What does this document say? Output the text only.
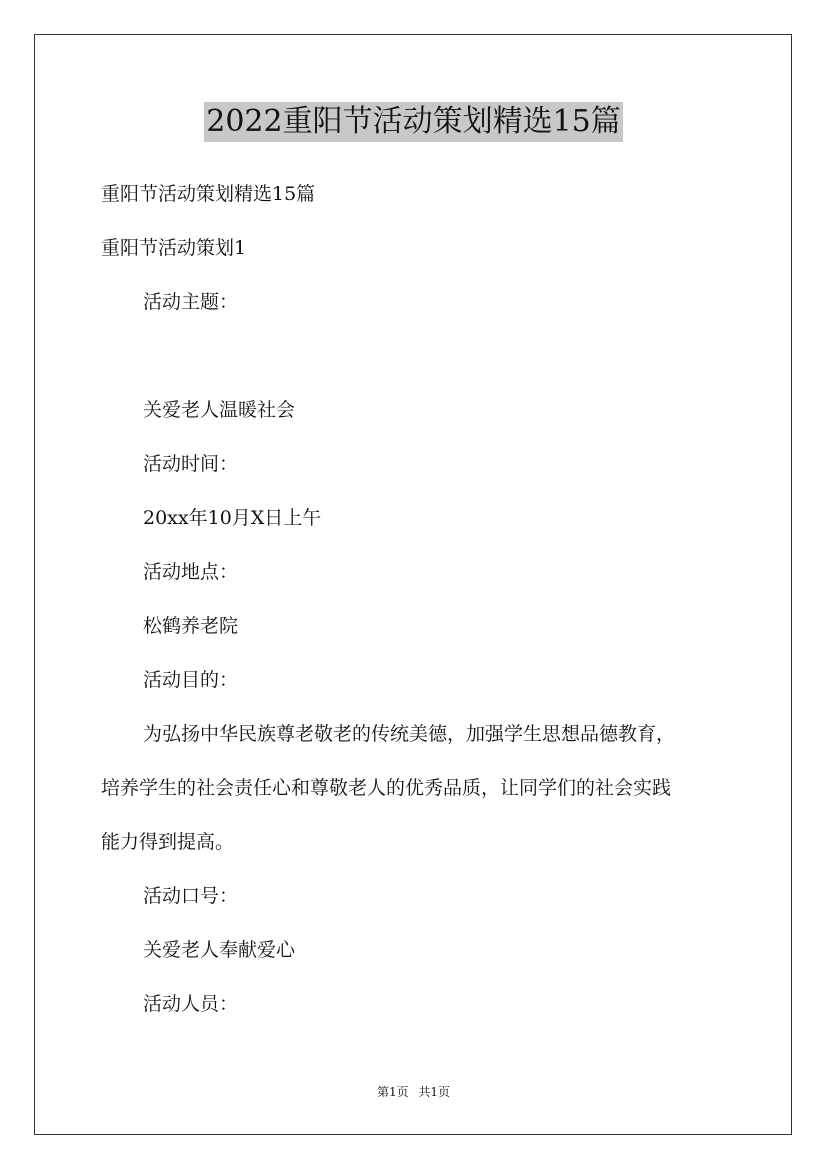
2022重阳节活动策划精选15篇
重阳节活动策划精选15篇
重阳节活动策划1
活动主题：
关爱老人温暖社会
活动时间：
20xx年10月X日上午
活动地点：
松鹤养老院
活动目的：
为弘扬中华民族尊老敬老的传统美德，加强学生思想品德教育，
培养学生的社会责任心和尊敬老人的优秀品质，让同学们的社会实践
能力得到提高。
活动口号：
关爱老人奉献爱心
活动人员：
第1页 共1页
